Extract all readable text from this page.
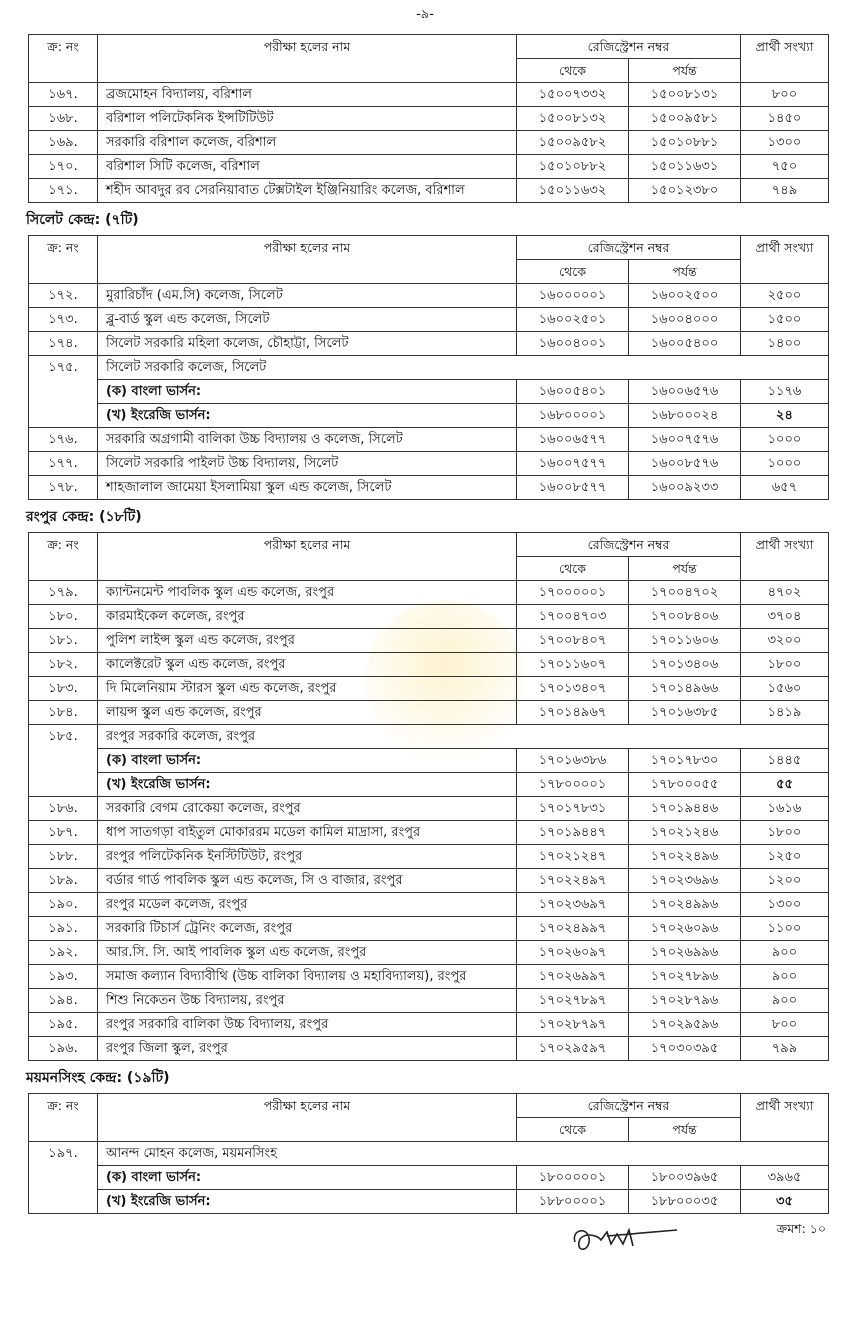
-৯-
ক্র: নং	পরীক্ষা হলের নাম	রেজিস্ট্রেশন নম্বর		প্রার্থী সংখ্যা
		থেকে	পর্যন্ত	
১৬৭.	ব্রজমোহন বিদ্যালয়, বরিশাল	১৫০০৭৩৩২	১৫০০৮১৩১	৮০০
১৬৮.	বরিশাল পলিটেকনিক ইন্সটিটিউট	১৫০০৮১৩২	১৫০০৯৫৮১	১৪৫০
১৬৯.	সরকারি বরিশাল কলেজ, বরিশাল	১৫০০৯৫৮২	১৫০১০৮৮১	১৩০০
১৭০.	বরিশাল সিটি কলেজ, বরিশাল	১৫০১০৮৮২	১৫০১১৬৩১	৭৫০
১৭১.	শহীদ আবদুর রব সেরনিয়াবাত টেক্সটাইল ইঞ্জিনিয়ারিং কলেজ, বরিশাল	১৫০১১৬৩২	১৫০১২৩৮০	৭৪৯
সিলেট কেন্দ্র: (৭টি)
ক্র: নং	পরীক্ষা হলের নাম	রেজিস্ট্রেশন নম্বর		প্রার্থী সংখ্যা
		থেকে	পর্যন্ত	
১৭২.	মুরারিচাঁদ (এম.সি) কলেজ, সিলেট	১৬০০০০০১	১৬০০২৫০০	২৫০০
১৭৩.	ব্লু-বার্ড স্কুল এন্ড কলেজ, সিলেট	১৬০০২৫০১	১৬০০৪০০০	১৫০০
১৭৪.	সিলেট সরকারি মহিলা কলেজ, চৌহাট্টা, সিলেট	১৬০০৪০০১	১৬০০৫৪০০	১৪০০
১৭৫.	সিলেট সরকারি কলেজ, সিলেট			
	(ক) বাংলা ভার্সন:	১৬০০৫৪০১	১৬০০৬৫৭৬	১১৭৬
	(খ) ইংরেজি ভার্সন:	১৬৮০০০০১	১৬৮০০০২৪	২৪
১৭৬.	সরকারি অগ্রগামী বালিকা উচ্চ বিদ্যালয় ও কলেজ, সিলেট	১৬০০৬৫৭৭	১৬০০৭৫৭৬	১০০০
১৭৭.	সিলেট সরকারি পাইলট উচ্চ বিদ্যালয়, সিলেট	১৬০০৭৫৭৭	১৬০০৮৫৭৬	১০০০
১৭৮.	শাহজালাল জামেয়া ইসলামিয়া স্কুল এন্ড কলেজ, সিলেট	১৬০০৮৫৭৭	১৬০০৯২৩৩	৬৫৭
রংপুর কেন্দ্র: (১৮টি)
ক্র: নং	পরীক্ষা হলের নাম	রেজিস্ট্রেশন নম্বর		প্রার্থী সংখ্যা
		থেকে	পর্যন্ত	
১৭৯.	ক্যান্টনমেন্ট পাবলিক স্কুল এন্ড কলেজ, রংপুর	১৭০০০০০১	১৭০০৪৭০২	৪৭০২
১৮০.	কারমাইকেল কলেজ, রংপুর	১৭০০৪৭০৩	১৭০০৮৪০৬	৩৭০৪
১৮১.	পুলিশ লাইন্স স্কুল এন্ড কলেজ, রংপুর	১৭০০৮৪০৭	১৭০১১৬০৬	৩২০০
১৮২.	কালেক্টরেট স্কুল এন্ড কলেজ, রংপুর	১৭০১১৬০৭	১৭০১৩৪০৬	১৮০০
১৮৩.	দি মিলেনিয়াম স্টারস স্কুল এন্ড কলেজ, রংপুর	১৭০১৩৪০৭	১৭০১৪৯৬৬	১৫৬০
১৮৪.	লায়ন্স স্কুল এন্ড কলেজ, রংপুর	১৭০১৪৯৬৭	১৭০১৬৩৮৫	১৪১৯
১৮৫.	রংপুর সরকারি কলেজ, রংপুর			
	(ক) বাংলা ভার্সন:	১৭০১৬৩৮৬	১৭০১৭৮৩০	১৪৪৫
	(খ) ইংরেজি ভার্সন:	১৭৮০০০০১	১৭৮০০০৫৫	৫৫
১৮৬.	সরকারি বেগম রোকেয়া কলেজ, রংপুর	১৭০১৭৮৩১	১৭০১৯৪৪৬	১৬১৬
১৮৭.	ধাপ সাতগড়া বাইতুল মোকাররম মডেল কামিল মাদ্রাসা, রংপুর	১৭০১৯৪৪৭	১৭০২১২৪৬	১৮০০
১৮৮.	রংপুর পলিটেকনিক ইনস্টিটিউট, রংপুর	১৭০২১২৪৭	১৭০২২৪৯৬	১২৫০
১৮৯.	বর্ডার গার্ড পাবলিক স্কুল এন্ড কলেজ, সি ও বাজার, রংপুর	১৭০২২৪৯৭	১৭০২৩৬৯৬	১২০০
১৯০.	রংপুর মডেল কলেজ, রংপুর	১৭০২৩৬৯৭	১৭০২৪৯৯৬	১৩০০
১৯১.	সরকারি টিচার্স ট্রেনিং কলেজ, রংপুর	১৭০২৪৯৯৭	১৭০২৬০৯৬	১১০০
১৯২.	আর.সি. সি. আই পাবলিক স্কুল এন্ড কলেজ, রংপুর	১৭০২৬০৯৭	১৭০২৬৯৯৬	৯০০
১৯৩.	সমাজ কল্যান বিদ্যাবীথি (উচ্চ বালিকা বিদ্যালয় ও মহাবিদ্যালয়), রংপুর	১৭০২৬৯৯৭	১৭০২৭৮৯৬	৯০০
১৯৪.	শিশু নিকেতন উচ্চ বিদ্যালয়, রংপুর	১৭০২৭৮৯৭	১৭০২৮৭৯৬	৯০০
১৯৫.	রংপুর সরকারি বালিকা উচ্চ বিদ্যালয়, রংপুর	১৭০২৮৭৯৭	১৭০২৯৫৯৬	৮০০
১৯৬.	রংপুর জিলা স্কুল, রংপুর	১৭০২৯৫৯৭	১৭০৩০৩৯৫	৭৯৯
ময়মনসিংহ কেন্দ্র: (১৯টি)
ক্র: নং	পরীক্ষা হলের নাম	রেজিস্ট্রেশন নম্বর		প্রার্থী সংখ্যা
		থেকে	পর্যন্ত	
১৯৭.	আনন্দ মোহন কলেজ, ময়মনসিংহ			
	(ক) বাংলা ভার্সন:	১৮০০০০০১	১৮০০৩৯৬৫	৩৯৬৫
	(খ) ইংরেজি ভার্সন:	১৮৮০০০০১	১৮৮০০০৩৫	৩৫
ক্রমশ: ১০
